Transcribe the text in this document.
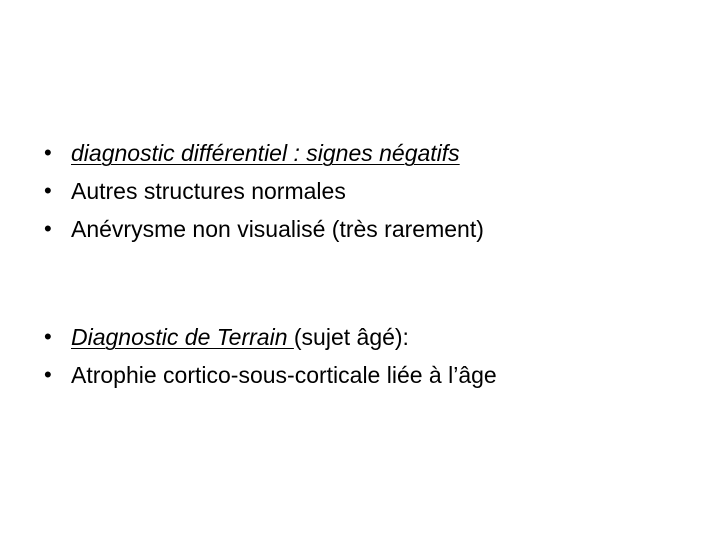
• diagnostic différentiel : signes négatifs
• Autres structures normales
• Anévrysme non visualisé (très rarement)
• Diagnostic de Terrain (sujet âgé):
• Atrophie cortico-sous-corticale liée à l’âge
